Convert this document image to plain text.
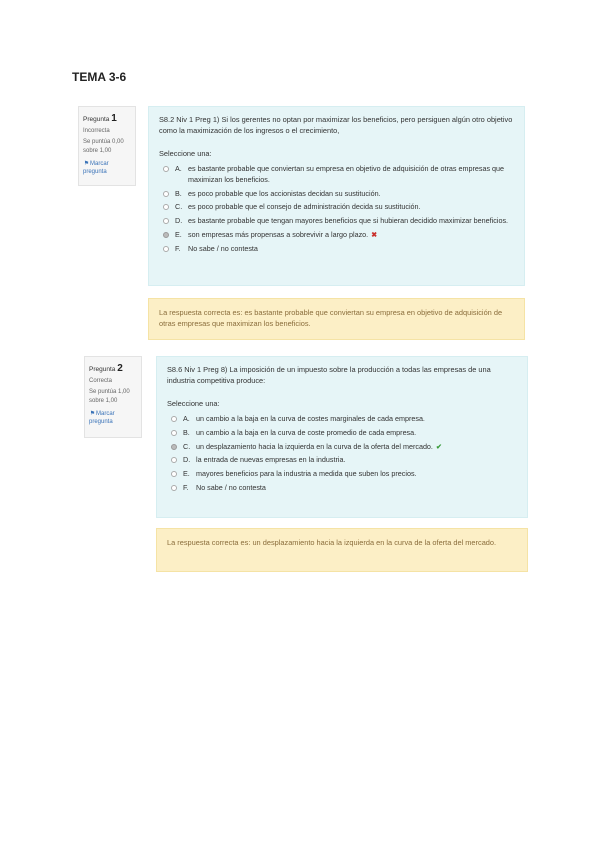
TEMA 3-6
Pregunta 1
Incorrecta
Se puntúa 0,00 sobre 1,00
⚑Marcar pregunta
S8.2 Niv 1 Preg 1) Si los gerentes no optan por maximizar los beneficios, pero persiguen algún otro objetivo como la maximización de los ingresos o el crecimiento,
Seleccione una:
A. es bastante probable que conviertan su empresa en objetivo de adquisición de otras empresas que maximizan los beneficios.
B. es poco probable que los accionistas decidan su sustitución.
C. es poco probable que el consejo de administración decida su sustitución.
D. es bastante probable que tengan mayores beneficios que si hubieran decidido maximizar beneficios.
E. son empresas más propensas a sobrevivir a largo plazo. ✖
F.	No sabe / no contesta
La respuesta correcta es: es bastante probable que conviertan su empresa en objetivo de adquisición de otras empresas que maximizan los beneficios.
Pregunta 2
Correcta
Se puntúa 1,00 sobre 1,00
⚑Marcar pregunta
S8.6 Niv 1 Preg 8) La imposición de un impuesto sobre la producción a todas las empresas de una industria competitiva produce:
Seleccione una:
A. un cambio a la baja en la curva de costes marginales de cada empresa.
B. un cambio a la baja en la curva de coste promedio de cada empresa.
C. un desplazamiento hacia la izquierda en la curva de la oferta del mercado. ✔
D. la entrada de nuevas empresas en la industria.
E. mayores beneficios para la industria a medida que suben los precios.
F.	No sabe / no contesta
La respuesta correcta es: un desplazamiento hacia la izquierda en la curva de la oferta del mercado.
